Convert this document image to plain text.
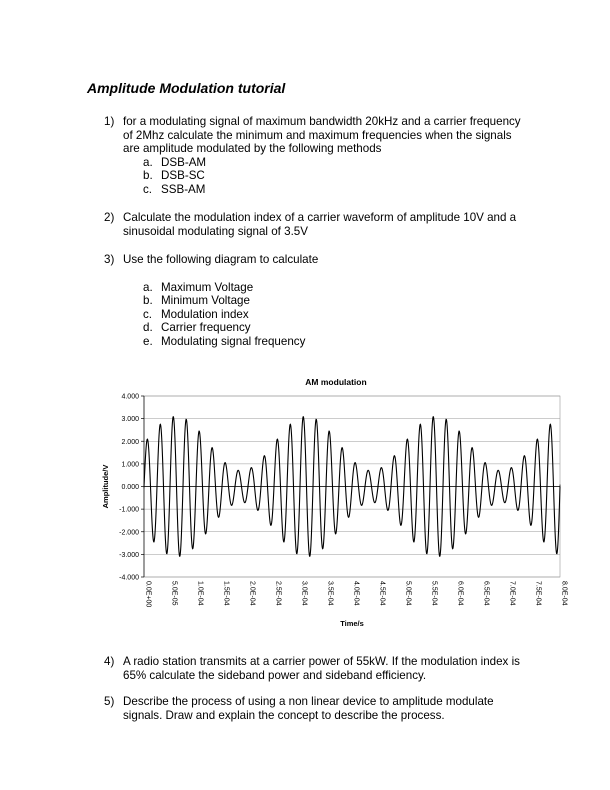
Amplitude Modulation tutorial
1) for a modulating signal of maximum bandwidth 20kHz and a carrier frequency of 2Mhz calculate the minimum and maximum frequencies when the signals are amplitude modulated by the following methods
a. DSB-AM
b. DSB-SC
c. SSB-AM
2) Calculate the modulation index of a carrier waveform of amplitude 10V and a sinusoidal modulating signal of 3.5V
3) Use the following diagram to calculate
a. Maximum Voltage
b. Minimum Voltage
c. Modulation index
d. Carrier frequency
e. Modulating signal frequency
AM modulation
4.000
3.000
2.000
1.000
0.000
-1.000
-2.000
-3.000
-4.000
0.0E+00	5.0E-05	1.0E-04	1.5E-04	2.0E-04	2.5E-04	3.0E-04	3.5E-04	4.0E-04	4.5E-04	5.0E-04	5.5E-04	6.0E-04	6.5E-04	7.0E-04	7.5E-04	8.0E-04
Amplitude/V
Time/s
4) A radio station transmits at a carrier power of 55kW. If the modulation index is 65% calculate the sideband power and sideband efficiency.
5) Describe the process of using a non linear device to amplitude modulate signals. Draw and explain the concept to describe the process.
